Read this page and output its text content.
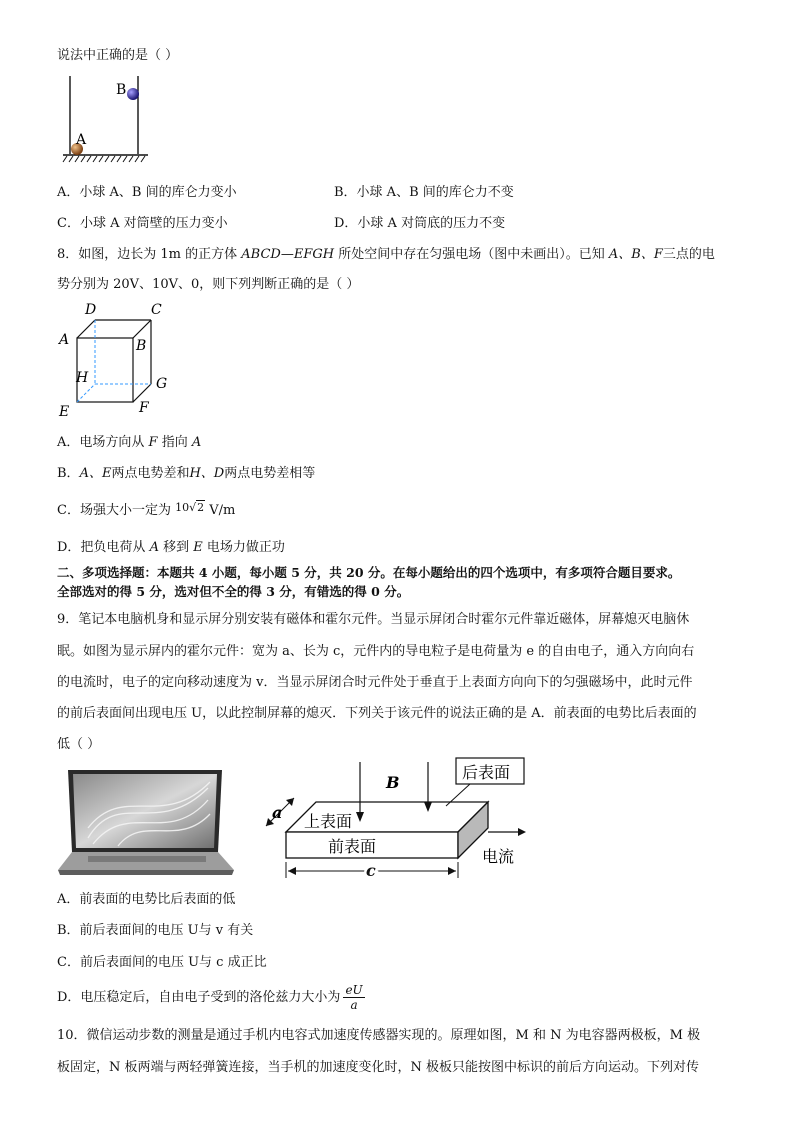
说法中正确的是（ ）
B
A
A．小球 A、B 间的库仑力变小	B．小球 A、B 间的库仑力不变
C．小球 A 对筒壁的压力变小	D．小球 A 对筒底的压力不变
8．如图，边长为 1m 的正方体 ABCD—EFGH 所处空间中存在匀强电场（图中未画出）。已知 A、B、F三点的电
势分别为 20V、10V、0，则下列判断正确的是（ ）
D	C
A	B
H	G
E	F
A．电场方向从 F 指向 A
B．A、E两点电势差和H、D两点电势差相等
C．场强大小一定为 10√2 V/m
D．把负电荷从 A 移到 E 电场力做正功
二、多项选择题：本题共 4 小题，每小题 5 分，共 20 分。在每小题给出的四个选项中，有多项符合题目要求。
全部选对的得 5 分，选对但不全的得 3 分，有错选的得 0 分。
9．笔记本电脑机身和显示屏分别安装有磁体和霍尔元件。当显示屏闭合时霍尔元件靠近磁体，屏幕熄灭电脑休
眠。如图为显示屏内的霍尔元件：宽为 a、长为 c，元件内的导电粒子是电荷量为 e 的自由电子，通入方向向右
的电流时，电子的定向移动速度为 v．当显示屏闭合时元件处于垂直于上表面方向向下的匀强磁场中，此时元件
的前后表面间出现电压 U，以此控制屏幕的熄灭．下列关于该元件的说法正确的是 A．前表面的电势比后表面的
低（ ）
B
后表面
上表面
前表面
电流
a
c
A．前表面的电势比后表面的低
B．前后表面间的电压 U与 v 有关
C．前后表面间的电压 U与 c 成正比
D．电压稳定后，自由电子受到的洛伦兹力大小为 $\frac{eU}{a}$
10．微信运动步数的测量是通过手机内电容式加速度传感器实现的。原理如图，M 和 N 为电容器两极板，M 极
板固定，N 板两端与两轻弹簧连接，当手机的加速度变化时，N 极板只能按图中标识的前后方向运动。下列对传
